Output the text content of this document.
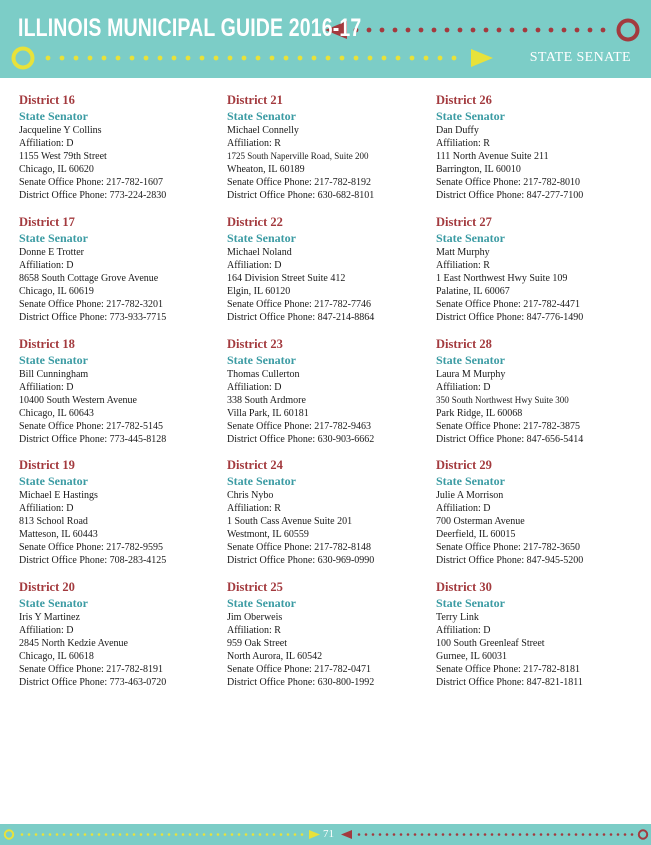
ILLINOIS MUNICIPAL GUIDE 2016-17
STATE SENATE
District 16
State Senator
Jacqueline Y Collins
Affiliation: D
1155 West 79th Street
Chicago, IL 60620
Senate Office Phone: 217-782-1607
District Office Phone: 773-224-2830
District 21
State Senator
Michael Connelly
Affiliation: R
1725 South Naperville Road, Suite 200
Wheaton, IL 60189
Senate Office Phone: 217-782-8192
District Office Phone: 630-682-8101
District 26
State Senator
Dan Duffy
Affiliation: R
111 North Avenue Suite 211
Barrington, IL 60010
Senate Office Phone: 217-782-8010
District Office Phone: 847-277-7100
District 17
State Senator
Donne E Trotter
Affiliation: D
8658 South Cottage Grove Avenue
Chicago, IL 60619
Senate Office Phone: 217-782-3201
District Office Phone: 773-933-7715
District 22
State Senator
Michael Noland
Affiliation: D
164 Division Street Suite 412
Elgin, IL 60120
Senate Office Phone: 217-782-7746
District Office Phone: 847-214-8864
District 27
State Senator
Matt Murphy
Affiliation: R
1 East Northwest Hwy Suite 109
Palatine, IL 60067
Senate Office Phone: 217-782-4471
District Office Phone: 847-776-1490
District 18
State Senator
Bill Cunningham
Affiliation: D
10400 South Western Avenue
Chicago, IL 60643
Senate Office Phone: 217-782-5145
District Office Phone: 773-445-8128
District 23
State Senator
Thomas Cullerton
Affiliation: D
338 South Ardmore
Villa Park, IL 60181
Senate Office Phone: 217-782-9463
District Office Phone: 630-903-6662
District 28
State Senator
Laura M Murphy
Affiliation: D
350 South Northwest Hwy Suite 300
Park Ridge, IL 60068
Senate Office Phone: 217-782-3875
District Office Phone: 847-656-5414
District 19
State Senator
Michael E Hastings
Affiliation: D
813 School Road
Matteson, IL 60443
Senate Office Phone: 217-782-9595
District Office Phone: 708-283-4125
District 24
State Senator
Chris Nybo
Affiliation: R
1 South Cass Avenue Suite 201
Westmont, IL 60559
Senate Office Phone: 217-782-8148
District Office Phone: 630-969-0990
District 29
State Senator
Julie A Morrison
Affiliation: D
700 Osterman Avenue
Deerfield, IL 60015
Senate Office Phone: 217-782-3650
District Office Phone: 847-945-5200
District 20
State Senator
Iris Y Martinez
Affiliation: D
2845 North Kedzie Avenue
Chicago, IL 60618
Senate Office Phone: 217-782-8191
District Office Phone: 773-463-0720
District 25
State Senator
Jim Oberweis
Affiliation: R
959 Oak Street
North Aurora, IL 60542
Senate Office Phone: 217-782-0471
District Office Phone: 630-800-1992
District 30
State Senator
Terry Link
Affiliation: D
100 South Greenleaf Street
Gurnee, IL 60031
Senate Office Phone: 217-782-8181
District Office Phone: 847-821-1811
71
